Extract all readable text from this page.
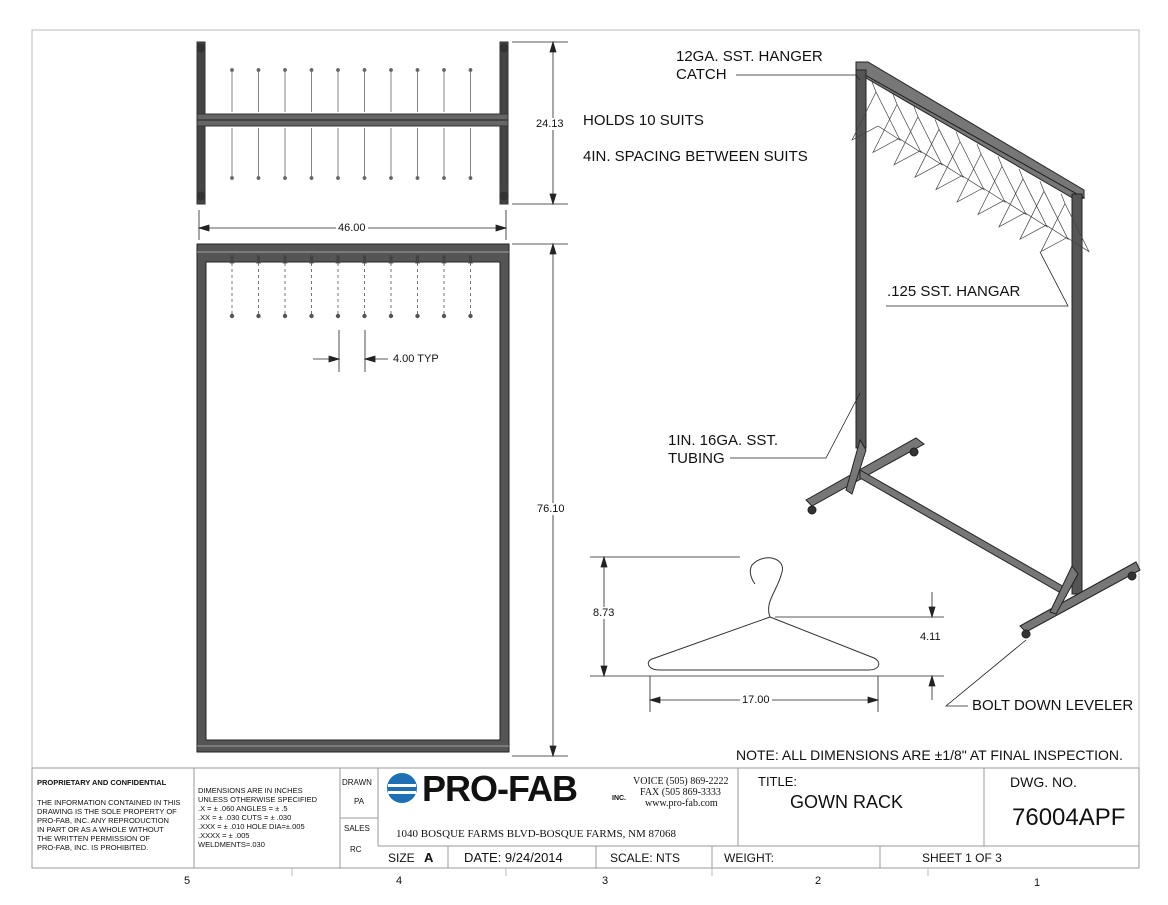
24.13
46.00
4.00 TYP
76.10
8.73
4.11
17.00
HOLDS 10 SUITS
4IN. SPACING BETWEEN SUITS
12GA. SST. HANGER
CATCH
.125 SST. HANGAR
1IN. 16GA. SST.
TUBING
BOLT DOWN LEVELER
NOTE: ALL DIMENSIONS ARE ±1/8" AT FINAL INSPECTION.
PROPRIETARY AND CONFIDENTIAL
THE INFORMATION CONTAINED IN THIS
DRAWING IS THE SOLE PROPERTY OF
PRO-FAB, INC. ANY REPRODUCTION
IN PART OR AS A WHOLE WITHOUT
THE WRITTEN PERMISSION OF
PRO-FAB, INC. IS PROHIBITED.
DIMENSIONS ARE IN INCHES
UNLESS OTHERWISE SPECIFIED
.X = ± .060 ANGLES = ± .5
.XX = ± .030 CUTS = ± .030
.XXX = ± .010 HOLE DIA=±.005
.XXXX = ± .005
WELDMENTS=.030
DRAWN
PA
SALES
RC
PRO-FAB	INC.
VOICE (505) 869-2222
FAX (505 869-3333
www.pro-fab.com
1040 BOSQUE FARMS BLVD-BOSQUE FARMS, NM 87068
TITLE:
GOWN RACK
DWG. NO.
76004APF
SIZE A DATE: 9/24/2014	SCALE: NTS	WEIGHT:	SHEET 1 OF 3
5	4	3	2	1
